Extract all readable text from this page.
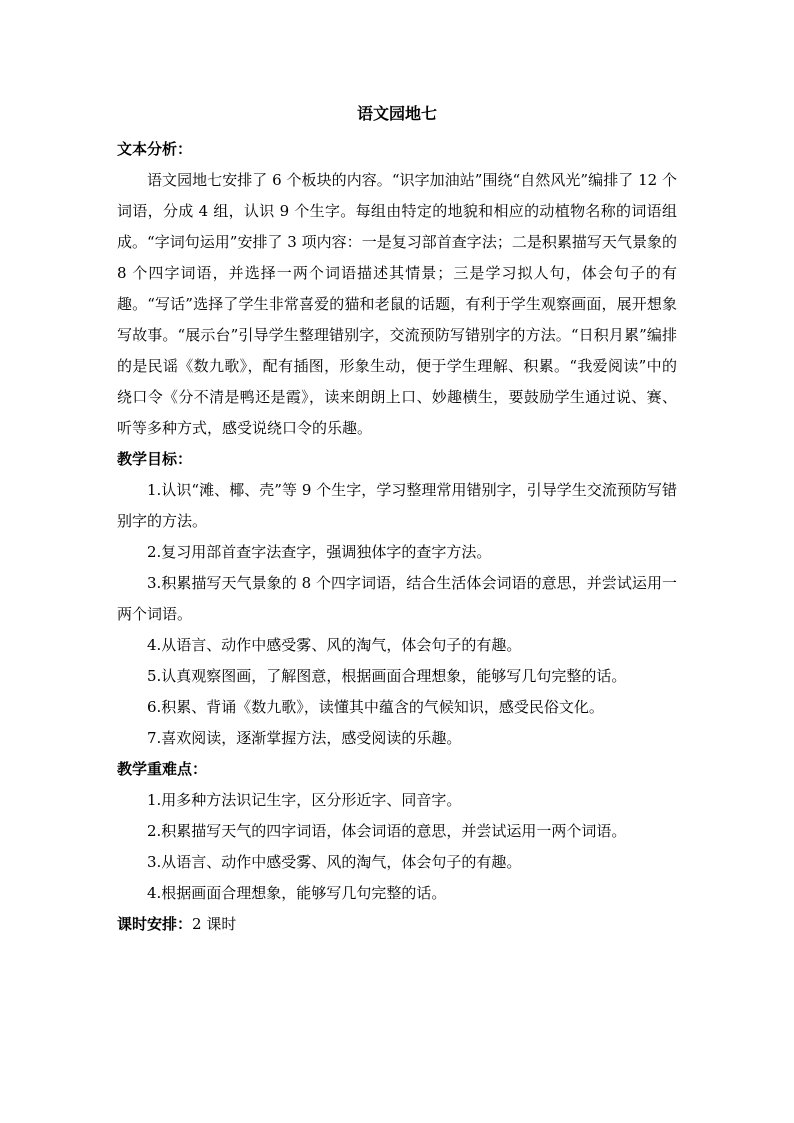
语文园地七

文本分析：

语文园地七安排了 6 个板块的内容。“识字加油站”围绕“自然风光”编排了 12 个词语，分成 4 组，认识 9 个生字。每组由特定的地貌和相应的动植物名称的词语组成。“字词句运用”安排了 3 项内容：一是复习部首查字法；二是积累描写天气景象的 8 个四字词语，并选择一两个词语描述其情景；三是学习拟人句，体会句子的有趣。“写话”选择了学生非常喜爱的猫和老鼠的话题，有利于学生观察画面，展开想象写故事。“展示台”引导学生整理错别字，交流预防写错别字的方法。“日积月累”编排的是民谣《数九歌》，配有插图，形象生动，便于学生理解、积累。“我爱阅读”中的绕口令《分不清是鸭还是霞》，读来朗朗上口、妙趣横生，要鼓励学生通过说、赛、听等多种方式，感受说绕口令的乐趣。

教学目标：

1.认识“滩、椰、壳”等 9 个生字，学习整理常用错别字，引导学生交流预防写错别字的方法。

2.复习用部首查字法查字，强调独体字的查字方法。

3.积累描写天气景象的 8 个四字词语，结合生活体会词语的意思，并尝试运用一两个词语。

4.从语言、动作中感受雾、风的淘气，体会句子的有趣。

5.认真观察图画，了解图意，根据画面合理想象，能够写几句完整的话。

6.积累、背诵《数九歌》，读懂其中蕴含的气候知识，感受民俗文化。

7.喜欢阅读，逐渐掌握方法，感受阅读的乐趣。

教学重难点：

1.用多种方法识记生字，区分形近字、同音字。

2.积累描写天气的四字词语，体会词语的意思，并尝试运用一两个词语。

3.从语言、动作中感受雾、风的淘气，体会句子的有趣。

4.根据画面合理想象，能够写几句完整的话。

课时安排：2 课时
